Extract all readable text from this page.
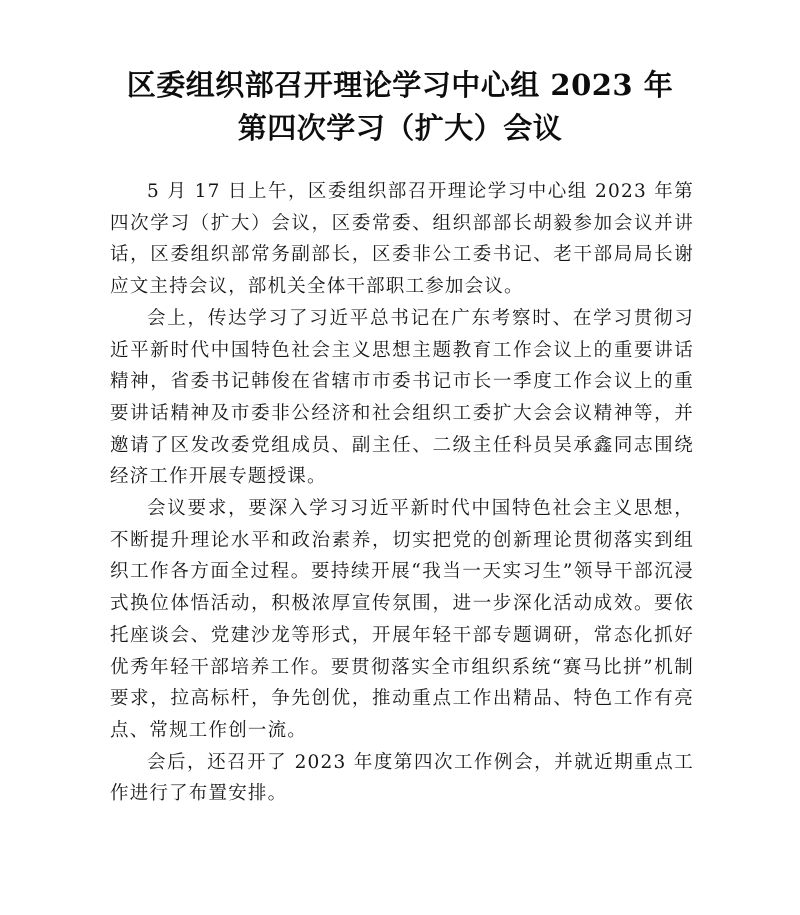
区委组织部召开理论学习中心组 2023 年
第四次学习（扩大）会议

5 月 17 日上午，区委组织部召开理论学习中心组 2023 年第四次学习（扩大）会议，区委常委、组织部部长胡毅参加会议并讲话，区委组织部常务副部长，区委非公工委书记、老干部局局长谢应文主持会议，部机关全体干部职工参加会议。

会上，传达学习了习近平总书记在广东考察时、在学习贯彻习近平新时代中国特色社会主义思想主题教育工作会议上的重要讲话精神，省委书记韩俊在省辖市市委书记市长一季度工作会议上的重要讲话精神及市委非公经济和社会组织工委扩大会会议精神等，并邀请了区发改委党组成员、副主任、二级主任科员吴承鑫同志围绕经济工作开展专题授课。

会议要求，要深入学习习近平新时代中国特色社会主义思想，不断提升理论水平和政治素养，切实把党的创新理论贯彻落实到组织工作各方面全过程。要持续开展“我当一天实习生”领导干部沉浸式换位体悟活动，积极浓厚宣传氛围，进一步深化活动成效。要依托座谈会、党建沙龙等形式，开展年轻干部专题调研，常态化抓好优秀年轻干部培养工作。要贯彻落实全市组织系统“赛马比拼”机制要求，拉高标杆，争先创优，推动重点工作出精品、特色工作有亮点、常规工作创一流。

会后，还召开了 2023 年度第四次工作例会，并就近期重点工作进行了布置安排。
